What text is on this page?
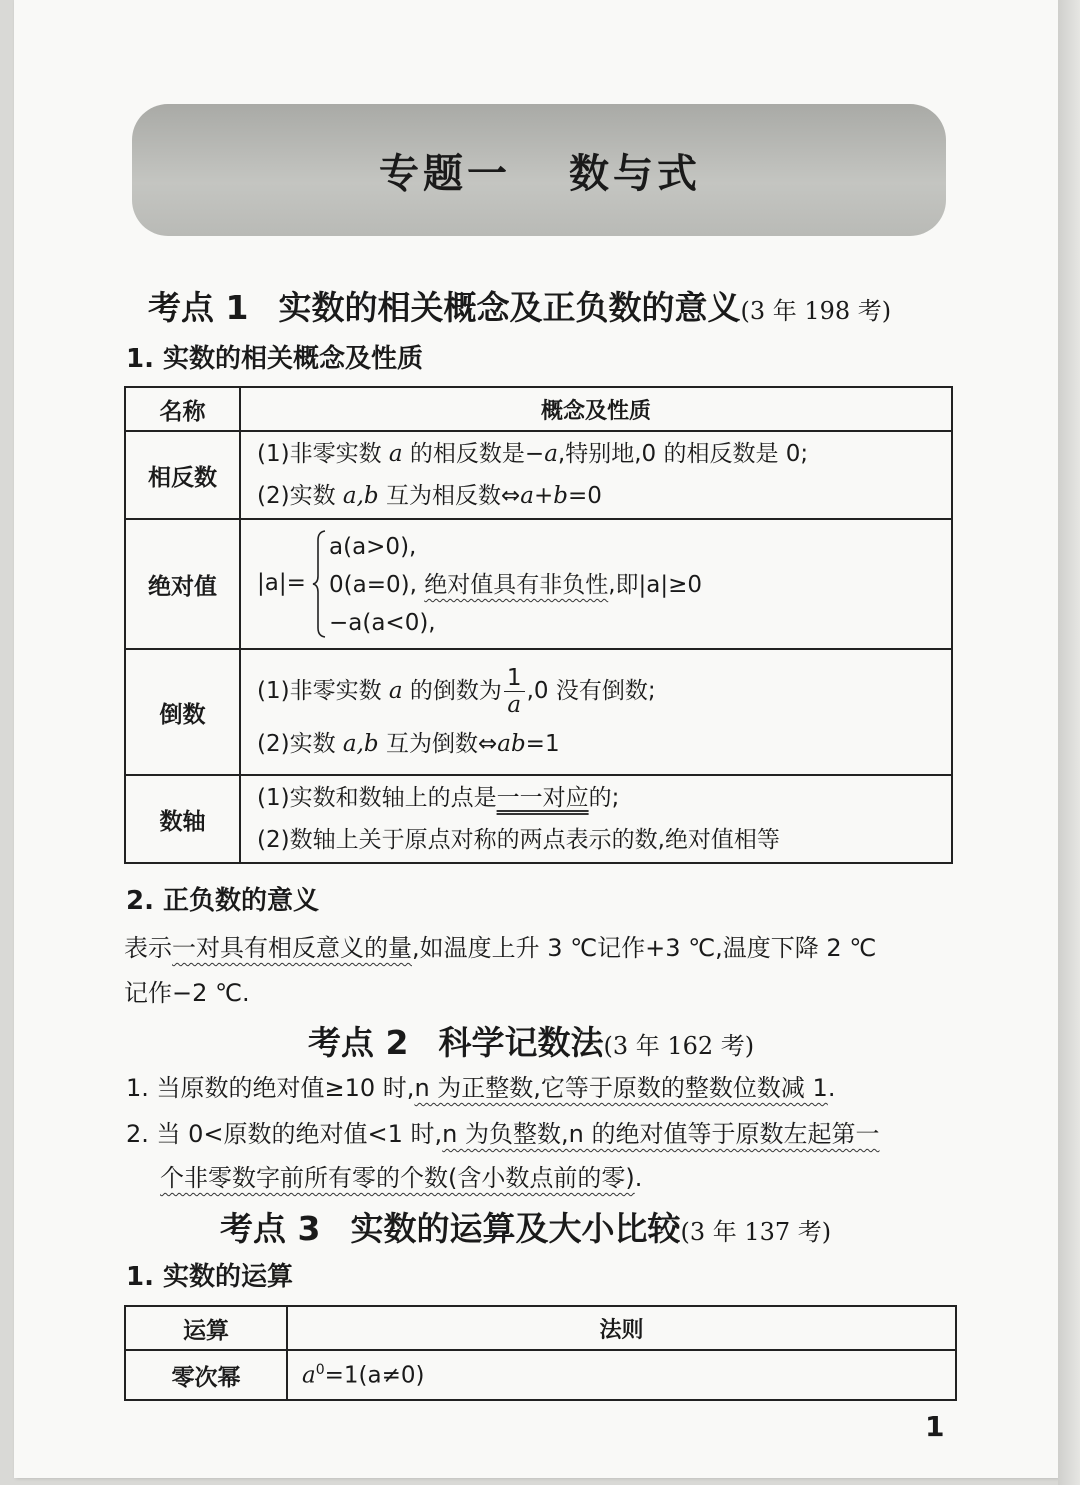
专题一 数与式
考点 1 实数的相关概念及正负数的意义(3 年 198 考)
1. 实数的相关概念及性质
名称	概念及性质
相反数	(1)非零实数 a 的相反数是−a,特别地,0 的相反数是 0;
(2)实数 a,b 互为相反数⇔a+b=0

绝对值	|a|=
a(a>0),
0(a=0), 绝对值具有非负性,即|a|≥0
−a(a<0),

倒数	(1)非零实数 a 的倒数为 $\frac{1}{a} ,0$ 没有倒数;
(2)实数 a,b 互为倒数⇔ab=1

数轴	(1)实数和数轴上的点是一一对应的;
(2)数轴上关于原点对称的两点表示的数,绝对值相等
2. 正负数的意义
表示一对具有相反意义的量,如温度上升 3 ℃记作+3 ℃,温度下降 2 ℃
记作−2 ℃.
考点 2 科学记数法(3 年 162 考)
1. 当原数的绝对值≥10 时,n 为正整数,它等于原数的整数位数减 1.
2. 当 0<原数的绝对值<1 时,n 为负整数,n 的绝对值等于原数左起第一
个非零数字前所有零的个数(含小数点前的零).
考点 3 实数的运算及大小比较(3 年 137 考)
1. 实数的运算
运算	法则
零次幂	$a^0=1(a\ne 0)$
1
